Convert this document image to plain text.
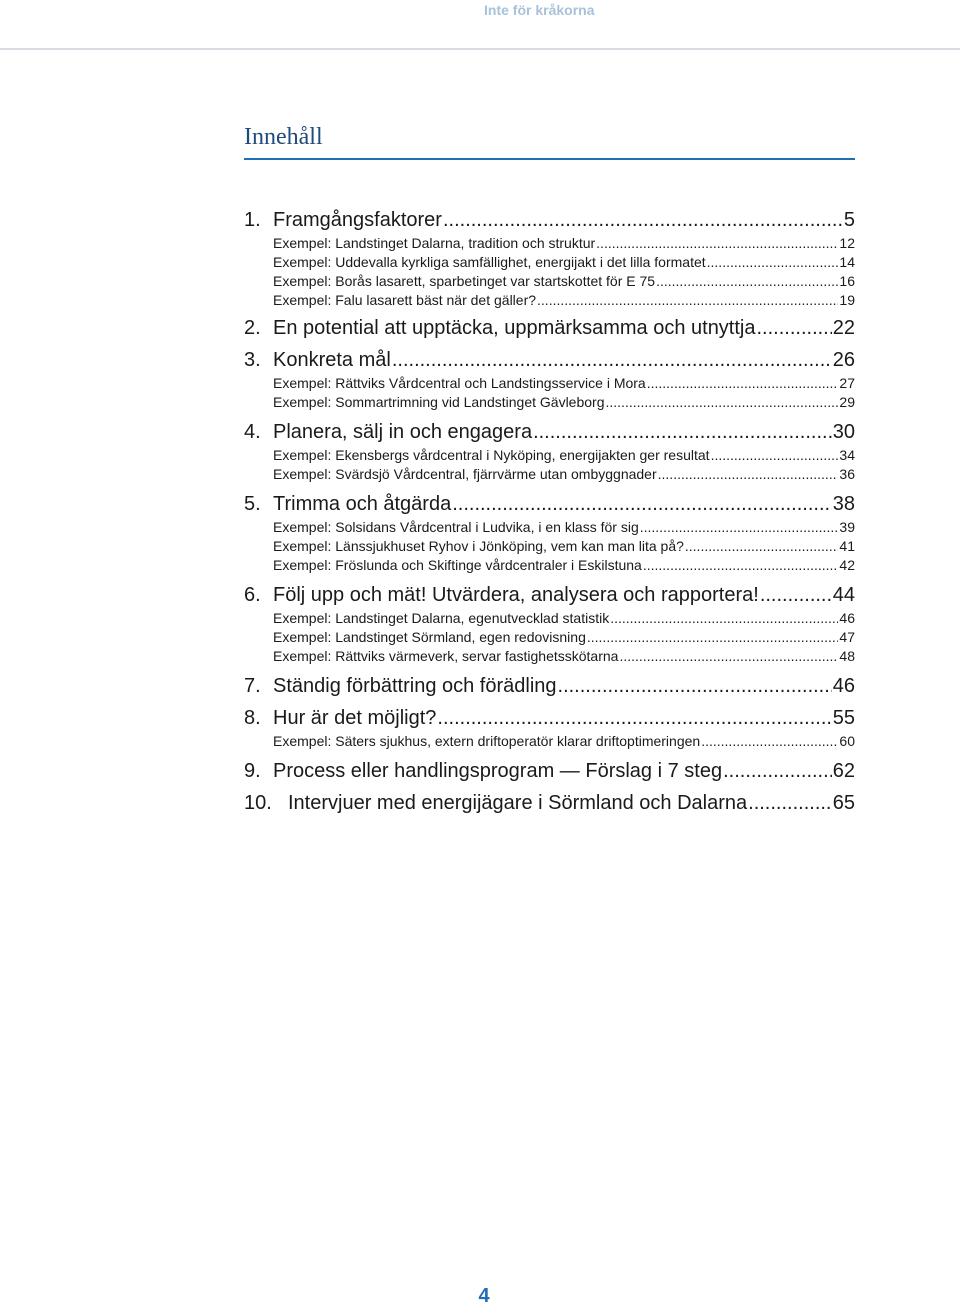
Inte för kråkorna
Innehåll
1. Framgångsfaktorer .....	5
Exempel: Landstinget Dalarna, tradition och struktur .....	12
Exempel: Uddevalla kyrkliga samfällighet, energijakt i det lilla formatet .....	14
Exempel: Borås lasarett, sparbetinget var startskottet för E 75 .....	16
Exempel: Falu lasarett bäst när det gäller? .....	19
2. En potential att upptäcka, uppmärksamma och utnyttja .....	22
3. Konkreta mål .....	26
Exempel: Rättviks Vårdcentral och Landstingsservice i Mora .....	27
Exempel: Sommartrimning vid Landstinget Gävleborg .....	29
4. Planera, sälj in och engagera .....	30
Exempel: Ekensbergs vårdcentral i Nyköping, energijakten ger resultat .....	34
Exempel: Svärdsjö Vårdcentral, fjärrvärme utan ombyggnader .....	36
5. Trimma och åtgärda .....	38
Exempel: Solsidans Vårdcentral i Ludvika, i en klass för sig .....	39
Exempel: Länssjukhuset Ryhov i Jönköping, vem kan man lita på? .....	41
Exempel: Fröslunda och Skiftinge vårdcentraler i Eskilstuna .....	42
6. Följ upp och mät! Utvärdera, analysera och rapportera! .....	44
Exempel: Landstinget Dalarna, egenutvecklad statistik .....	46
Exempel: Landstinget Sörmland, egen redovisning .....	47
Exempel: Rättviks värmeverk, servar fastighetsskötarna .....	48
7. Ständig förbättring och förädling .....	46
8. Hur är det möjligt? .....	55
Exempel: Säters sjukhus, extern driftoperatör klarar driftoptimeringen .....	60
9. Process eller handlingsprogram — Förslag i 7 steg .....	62
10. Intervjuer med energijägare i Sörmland och Dalarna .....	65
4
